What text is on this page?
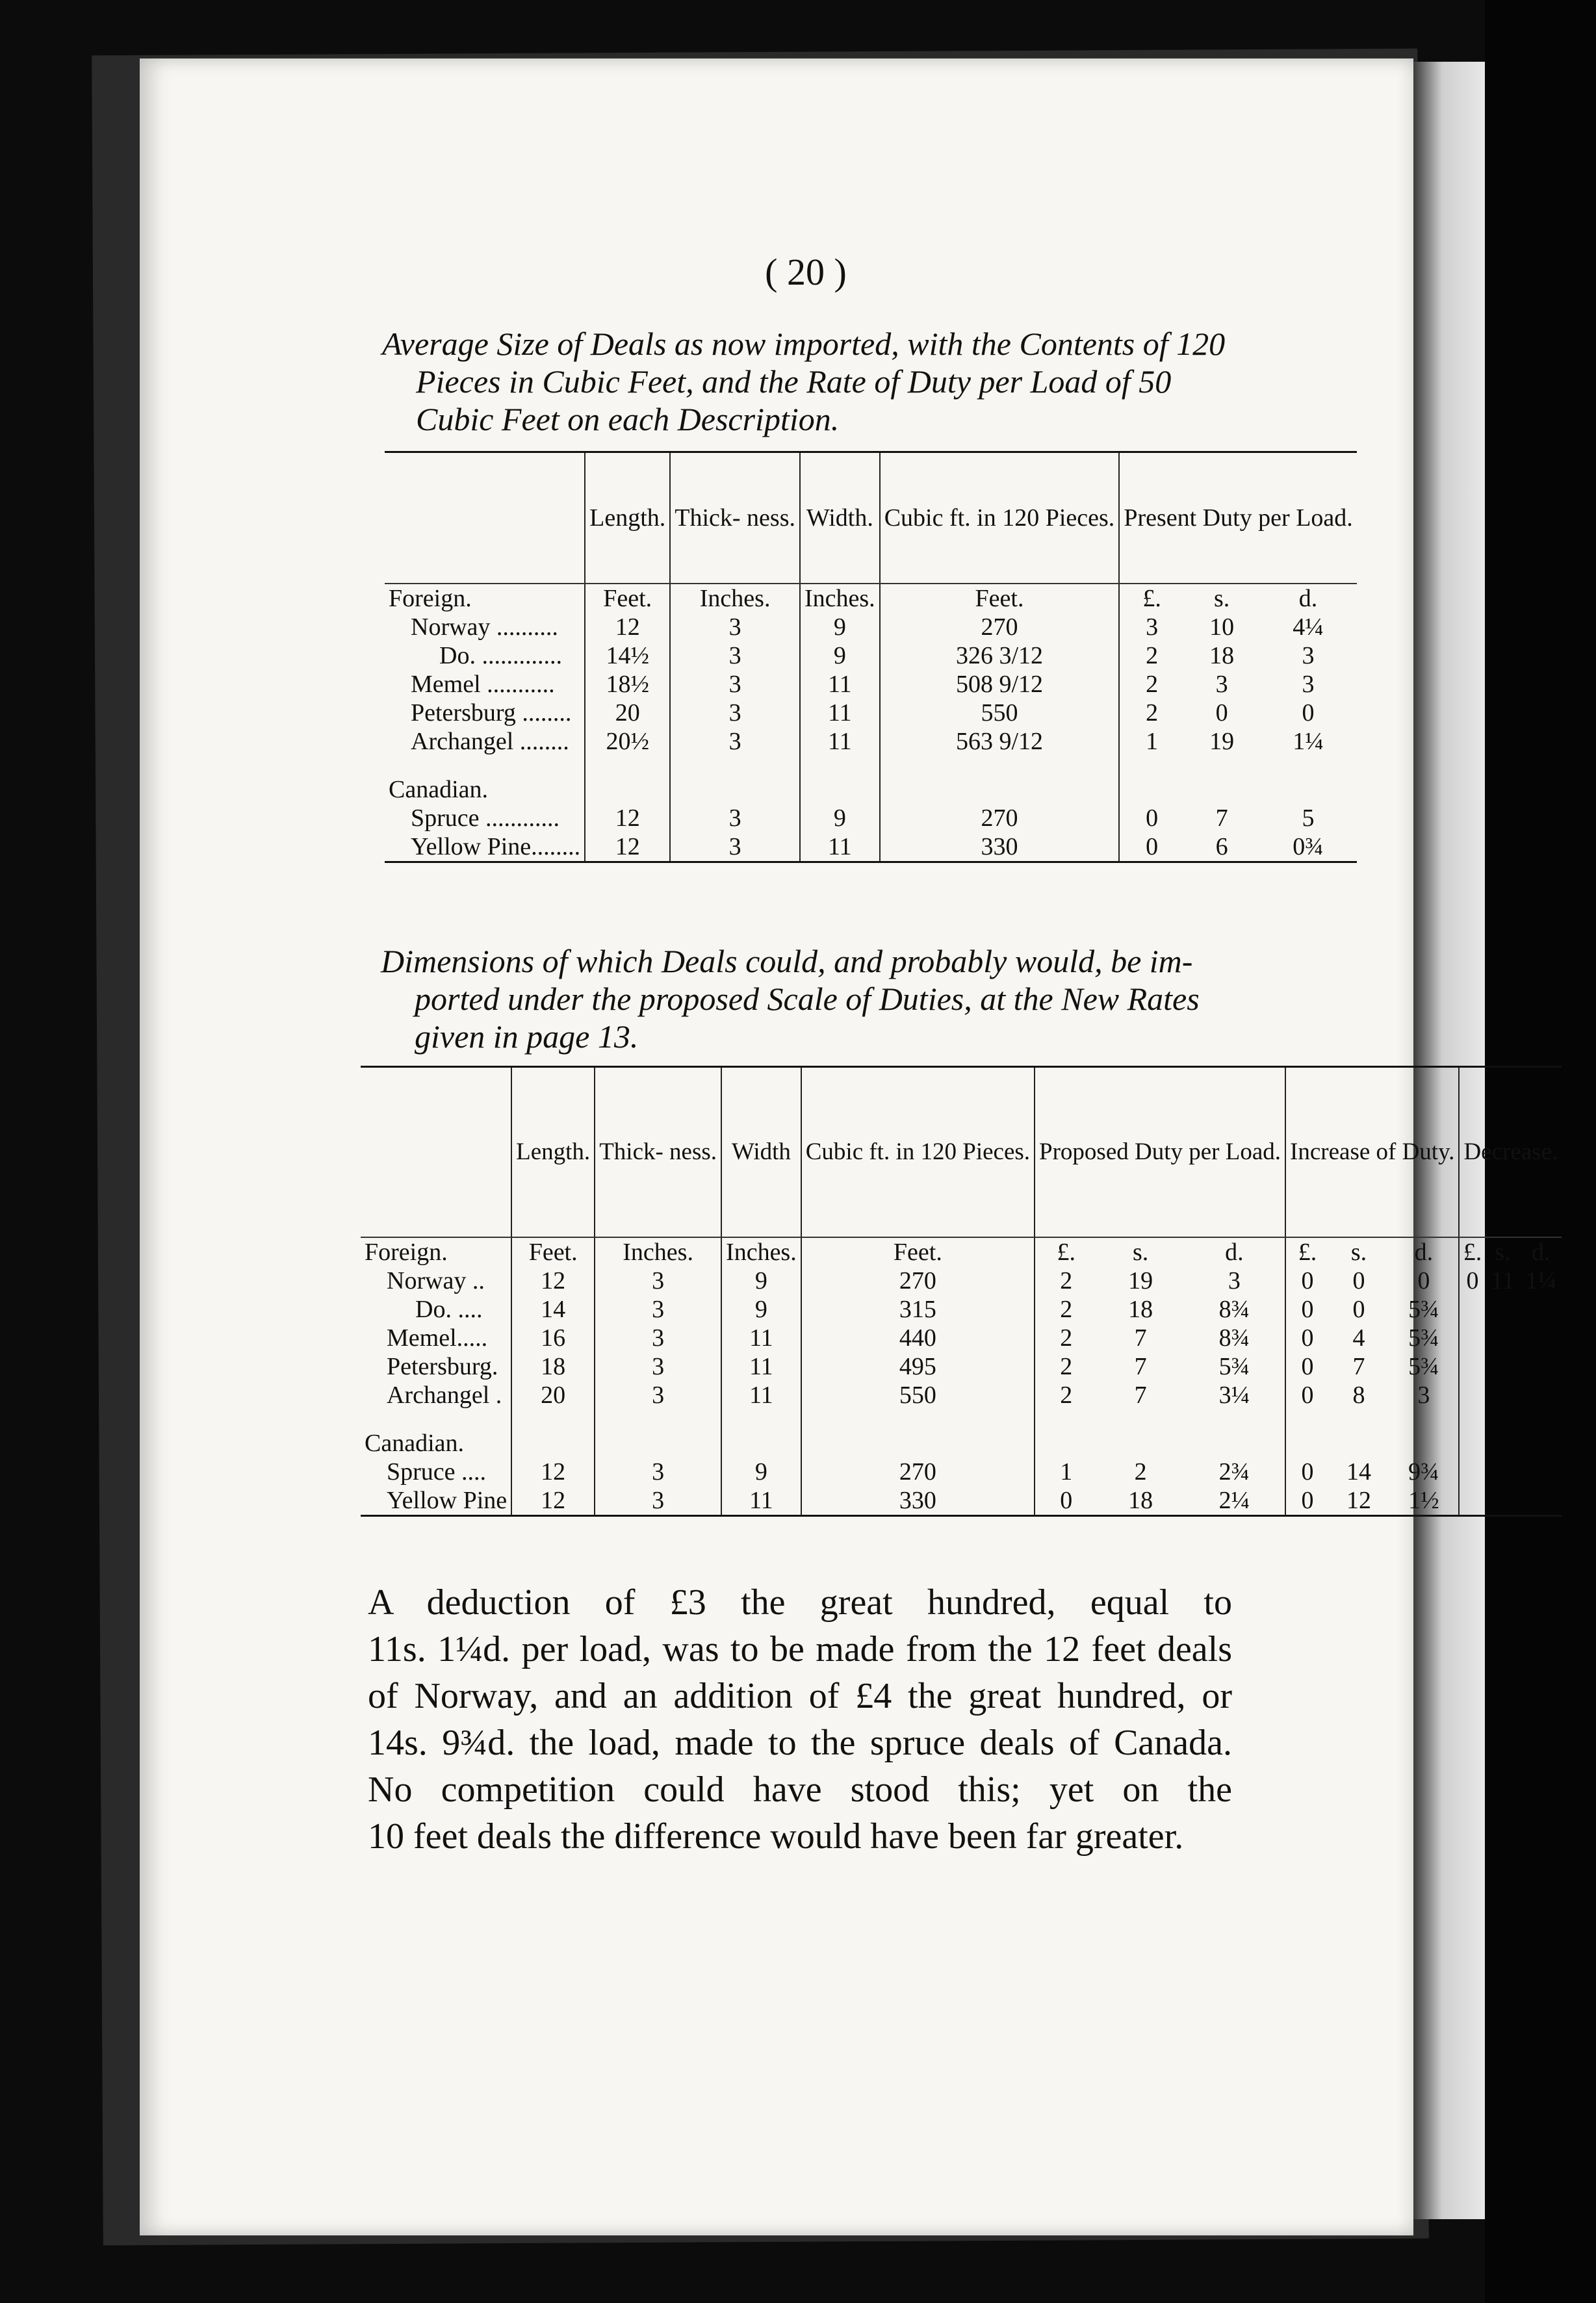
( 20 )
Average Size of Deals as now imported, with the Contents of 120
Pieces in Cubic Feet, and the Rate of Duty per Load of 50
Cubic Feet on each Description.
	Length.	Thick- ness.	Width.	Cubic ft. in 120 Pieces.	Present Duty per Load.		
Foreign.	Feet.	Inches.	Inches.	Feet.	£.	s.	d.
Norway ..........	12	3	9	270	3	10	4¼
Do. .............	14½	3	9	326 3/12	2	18	3
Memel ...........	18½	3	11	508 9/12	2	3	3
Petersburg ........	20	3	11	550	2	0	0
Archangel ........	20½	3	11	563 9/12	1	19	1¼

Canadian.							
Spruce ............	12	3	9	270	0	7	5
Yellow Pine........	12	3	11	330	0	6	0¾
Dimensions of which Deals could, and probably would, be im-
ported under the proposed Scale of Duties, at the New Rates
given in page 13.
	Length.	Thick- ness.	Width	Cubic ft. in 120 Pieces.	Proposed Duty per Load.			Increase of Duty.			Decrease.		
Foreign.	Feet.	Inches.	Inches.	Feet.	£.	s.	d.	£.	s.	d.	£.	s.	d.
Norway ..	12	3	9	270	2	19	3	0	0	0	0	11	1¼
Do. ....	14	3	9	315	2	18	8¾	0	0	5¾			
Memel.....	16	3	11	440	2	7	8¾	0	4	5¾			
Petersburg.	18	3	11	495	2	7	5¾	0	7	5¾			
Archangel .	20	3	11	550	2	7	3¼	0	8	3			

Canadian.													
Spruce ....	12	3	9	270	1	2	2¾	0	14	9¾			
Yellow Pine	12	3	11	330	0	18	2¼	0	12	1½			
A deduction of £3 the great hundred, equal to
11s. 1¼d. per load, was to be made from the 12 feet deals
of Norway, and an addition of £4 the great hundred, or
14s. 9¾d. the load, made to the spruce deals of Canada.
No competition could have stood this; yet on the
10 feet deals the difference would have been far greater.
